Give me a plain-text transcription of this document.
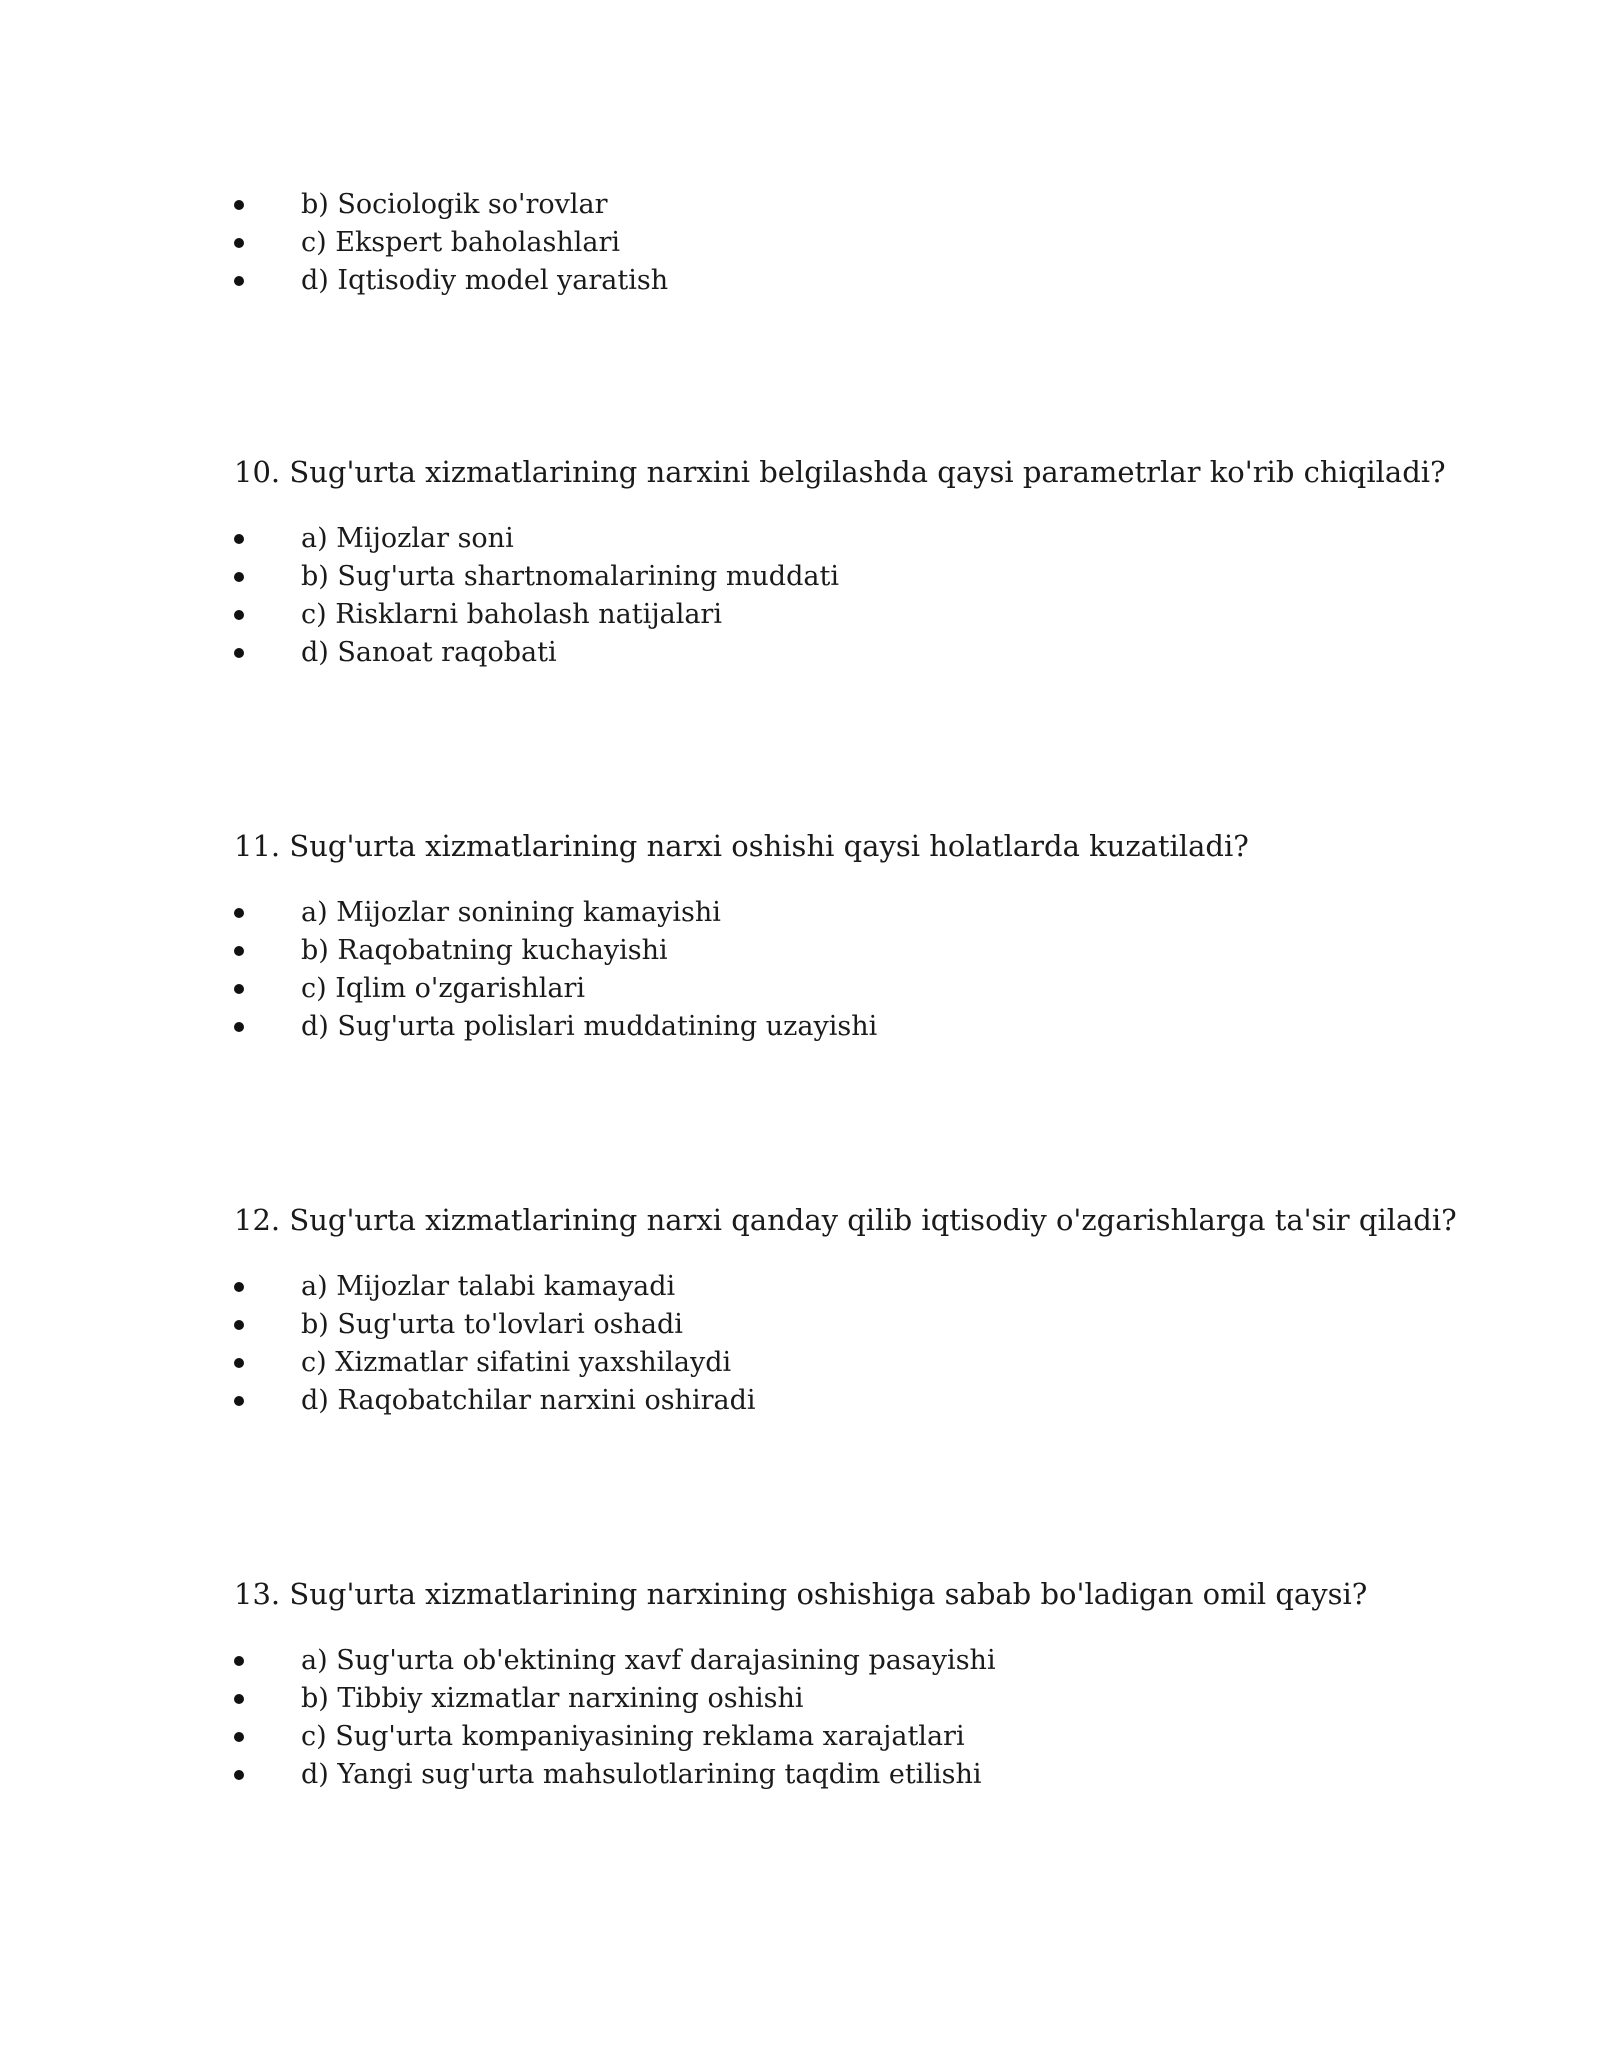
b) Sociologik so'rovlar
c) Ekspert baholashlari
d) Iqtisodiy model yaratish

10. Sug'urta xizmatlarining narxini belgilashda qaysi parametrlar ko'rib chiqiladi?

a) Mijozlar soni
b) Sug'urta shartnomalarining muddati
c) Risklarni baholash natijalari
d) Sanoat raqobati

11. Sug'urta xizmatlarining narxi oshishi qaysi holatlarda kuzatiladi?

a) Mijozlar sonining kamayishi
b) Raqobatning kuchayishi
c) Iqlim o'zgarishlari
d) Sug'urta polislari muddatining uzayishi

12. Sug'urta xizmatlarining narxi qanday qilib iqtisodiy o'zgarishlarga ta'sir qiladi?

a) Mijozlar talabi kamayadi
b) Sug'urta to'lovlari oshadi
c) Xizmatlar sifatini yaxshilaydi
d) Raqobatchilar narxini oshiradi

13. Sug'urta xizmatlarining narxining oshishiga sabab bo'ladigan omil qaysi?

a) Sug'urta ob'ektining xavf darajasining pasayishi
b) Tibbiy xizmatlar narxining oshishi
c) Sug'urta kompaniyasining reklama xarajatlari
d) Yangi sug'urta mahsulotlarining taqdim etilishi
